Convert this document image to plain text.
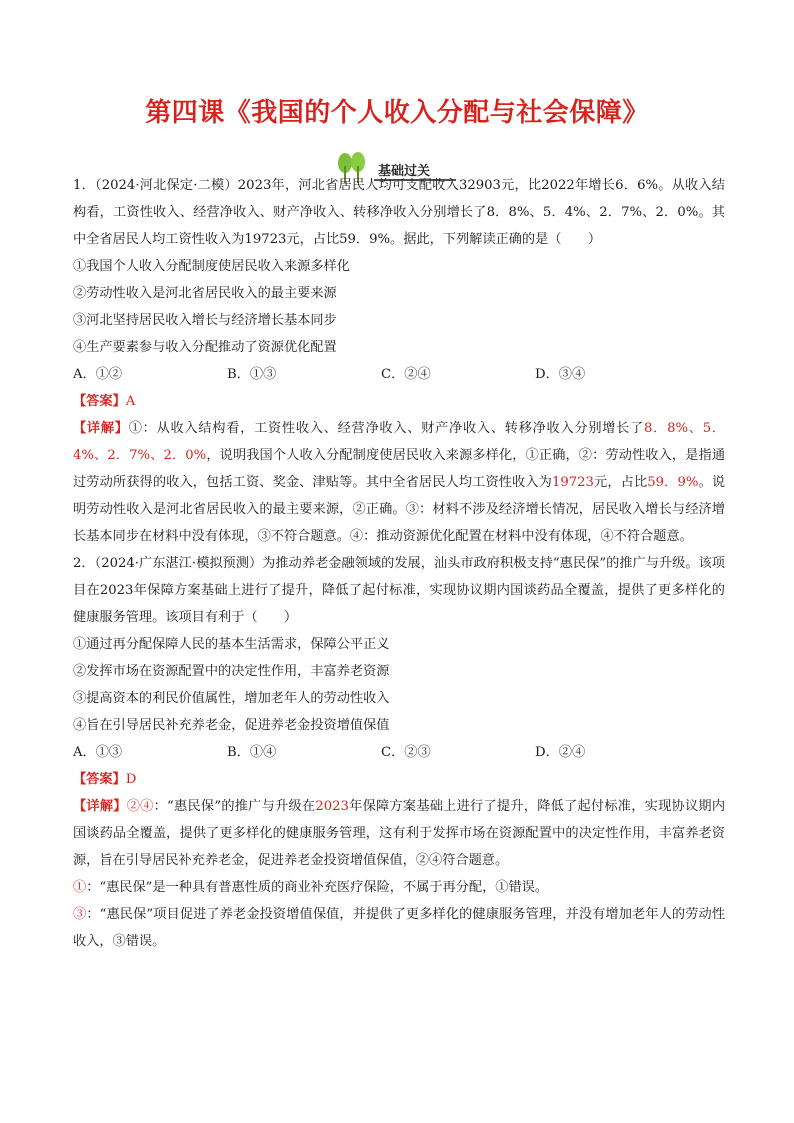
第四课《我国的个人收入分配与社会保障》
基础过关

1．（2024·河北保定·二模）2023年，河北省居民人均可支配收入32903元，比2022年增长6．6%。从收入结构看，工资性收入、经营净收入、财产净收入、转移净收入分别增长了8．8%、5．4%、2．7%、2．0%。其中全省居民人均工资性收入为19723元，占比59．9%。据此，下列解读正确的是（　　）

①我国个人收入分配制度使居民收入来源多样化

②劳动性收入是河北省居民收入的最主要来源

③河北坚持居民收入增长与经济增长基本同步

④生产要素参与收入分配推动了资源优化配置

A．①②	B．①③	C．②④	D．③④

【答案】A

【详解】①：从收入结构看，工资性收入、经营净收入、财产净收入、转移净收入分别增长了8．8%、5．4%、2．7%、2．0%，说明我国个人收入分配制度使居民收入来源多样化，①正确，②：劳动性收入，是指通过劳动所获得的收入，包括工资、奖金、津贴等。其中全省居民人均工资性收入为19723元，占比59．9%。说明劳动性收入是河北省居民收入的最主要来源，②正确。③：材料不涉及经济增长情况，居民收入增长与经济增长基本同步在材料中没有体现，③不符合题意。④：推动资源优化配置在材料中没有体现，④不符合题意。

2．（2024·广东湛江·模拟预测）为推动养老金融领域的发展，汕头市政府积极支持“惠民保”的推广与升级。该项目在2023年保障方案基础上进行了提升，降低了起付标准，实现协议期内国谈药品全覆盖，提供了更多样化的健康服务管理。该项目有利于（　　）

①通过再分配保障人民的基本生活需求，保障公平正义

②发挥市场在资源配置中的决定性作用，丰富养老资源

③提高资本的利民价值属性，增加老年人的劳动性收入

④旨在引导居民补充养老金，促进养老金投资增值保值

A．①③	B．①④	C．②③	D．②④

【答案】D

【详解】②④：“惠民保”的推广与升级在2023年保障方案基础上进行了提升，降低了起付标准，实现协议期内国谈药品全覆盖，提供了更多样化的健康服务管理，这有利于发挥市场在资源配置中的决定性作用，丰富养老资源，旨在引导居民补充养老金，促进养老金投资增值保值，②④符合题意。

①：“惠民保”是一种具有普惠性质的商业补充医疗保险，不属于再分配，①错误。

③：“惠民保”项目促进了养老金投资增值保值，并提供了更多样化的健康服务管理，并没有增加老年人的劳动性收入，③错误。
